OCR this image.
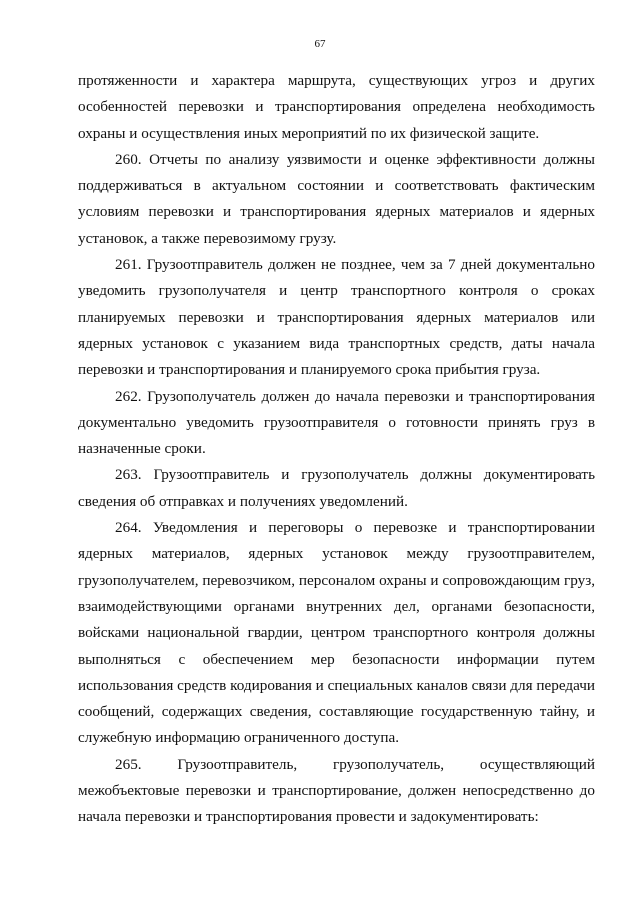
67

протяженности и характера маршрута, существующих угроз и других особенностей перевозки и транспортирования определена необходимость охраны и осуществления иных мероприятий по их физической защите.

260. Отчеты по анализу уязвимости и оценке эффективности должны поддерживаться в актуальном состоянии и соответствовать фактическим условиям перевозки и транспортирования ядерных материалов и ядерных установок, а также перевозимому грузу.

261. Грузоотправитель должен не позднее, чем за 7 дней документально уведомить грузополучателя и центр транспортного контроля о сроках планируемых перевозки и транспортирования ядерных материалов или ядерных установок с указанием вида транспортных средств, даты начала перевозки и транспортирования и планируемого срока прибытия груза.

262. Грузополучатель должен до начала перевозки и транспортирования документально уведомить грузоотправителя о готовности принять груз в назначенные сроки.

263. Грузоотправитель и грузополучатель должны документировать сведения об отправках и получениях уведомлений.

264. Уведомления и переговоры о перевозке и транспортировании ядерных материалов, ядерных установок между грузоотправителем, грузополучателем, перевозчиком, персоналом охраны и сопровождающим груз, взаимодействующими органами внутренних дел, органами безопасности, войсками национальной гвардии, центром транспортного контроля должны выполняться с обеспечением мер безопасности информации путем использования средств кодирования и специальных каналов связи для передачи сообщений, содержащих сведения, составляющие государственную тайну, и служебную информацию ограниченного доступа.

265. Грузоотправитель, грузополучатель, осуществляющий межобъектовые перевозки и транспортирование, должен непосредственно до начала перевозки и транспортирования провести и задокументировать:
